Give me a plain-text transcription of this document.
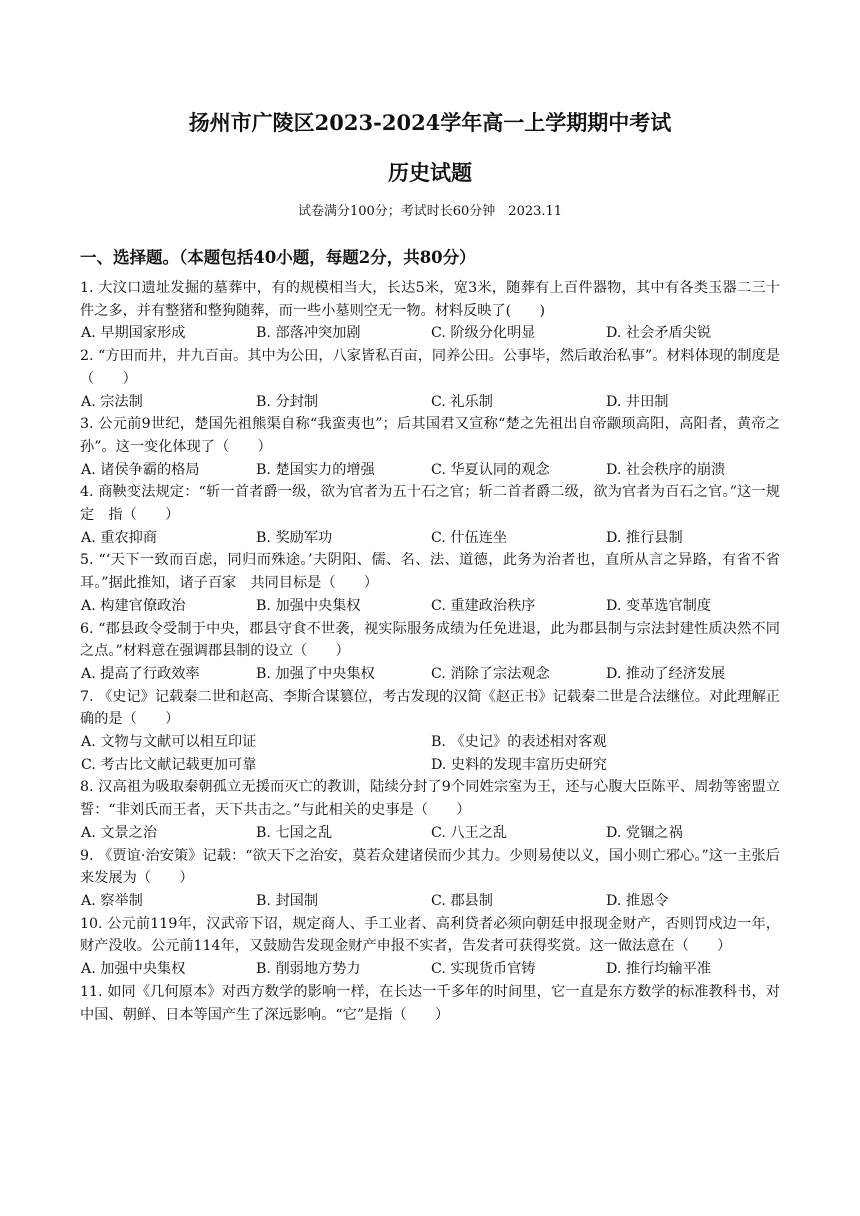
扬州市广陵区2023-2024学年高一上学期期中考试
历史试题
试卷满分100分；考试时长60分钟　2023.11
一、选择题。（本题包括40小题，每题2分，共80分）
1. 大汶口遗址发掘的墓葬中，有的规模相当大，长达5米，宽3米，随葬有上百件器物，其中有各类玉器二三十件之多，并有整猪和整狗随葬，而一些小墓则空无一物。材料反映了(　　)
A. 早期国家形成	B. 部落冲突加剧	C. 阶级分化明显	D. 社会矛盾尖锐
2. “方田而井，井九百亩。其中为公田，八家皆私百亩，同养公田。公事毕，然后敢治私事”。材料体现的制度是（　　）
A. 宗法制	B. 分封制	C. 礼乐制	D. 井田制
3. 公元前9世纪，楚国先祖熊渠自称“我蛮夷也”；后其国君又宣称“楚之先祖出自帝颛顼高阳，高阳者，黄帝之孙”。这一变化体现了（　　）
A. 诸侯争霸的格局	B. 楚国实力的增强	C. 华夏认同的观念	D. 社会秩序的崩溃
4. 商鞅变法规定：“斩一首者爵一级，欲为官者为五十石之官；斩二首者爵二级，欲为官者为百石之官。”这一规定　指（　　）
A. 重农抑商	B. 奖励军功	C. 什伍连坐	D. 推行县制
5. “‘天下一致而百虑，同归而殊途。’夫阴阳、儒、名、法、道德，此务为治者也，直所从言之异路，有省不省耳。”据此推知，诸子百家　共同目标是（　　）
A. 构建官僚政治	B. 加强中央集权	C. 重建政治秩序	D. 变革选官制度
6. “郡县政令受制于中央，郡县守食不世袭，视实际服务成绩为任免进退，此为郡县制与宗法封建性质决然不同之点。”材料意在强调郡县制的设立（　　）
A. 提高了行政效率	B. 加强了中央集权	C. 消除了宗法观念	D. 推动了经济发展
7. 《史记》记载秦二世和赵高、李斯合谋篡位，考古发现的汉简《赵正书》记载秦二世是合法继位。对此理解正确的是（　　）
A. 文物与文献可以相互印证	B. 《史记》的表述相对客观
C. 考古比文献记载更加可靠	D. 史料的发现丰富历史研究
8. 汉高祖为吸取秦朝孤立无援而灭亡的教训，陆续分封了9个同姓宗室为王，还与心腹大臣陈平、周勃等密盟立誓：“非刘氏而王者，天下共击之。”与此相关的史事是（　　）
A. 文景之治	B. 七国之乱	C. 八王之乱	D. 党锢之祸
9. 《贾谊·治安策》记载：“欲天下之治安，莫若众建诸侯而少其力。少则易使以义，国小则亡邪心。”这一主张后来发展为（　　）
A. 察举制	B. 封国制	C. 郡县制	D. 推恩令
10. 公元前119年，汉武帝下诏，规定商人、手工业者、高利贷者必须向朝廷申报现金财产，否则罚戍边一年，财产没收。公元前114年，又鼓励告发现金财产申报不实者，告发者可获得奖赏。这一做法意在（　　）
A. 加强中央集权	B. 削弱地方势力	C. 实现货币官铸	D. 推行均输平准
11. 如同《几何原本》对西方数学的影响一样，在长达一千多年的时间里，它一直是东方数学的标准教科书，对中国、朝鲜、日本等国产生了深远影响。“它”是指（　　）
